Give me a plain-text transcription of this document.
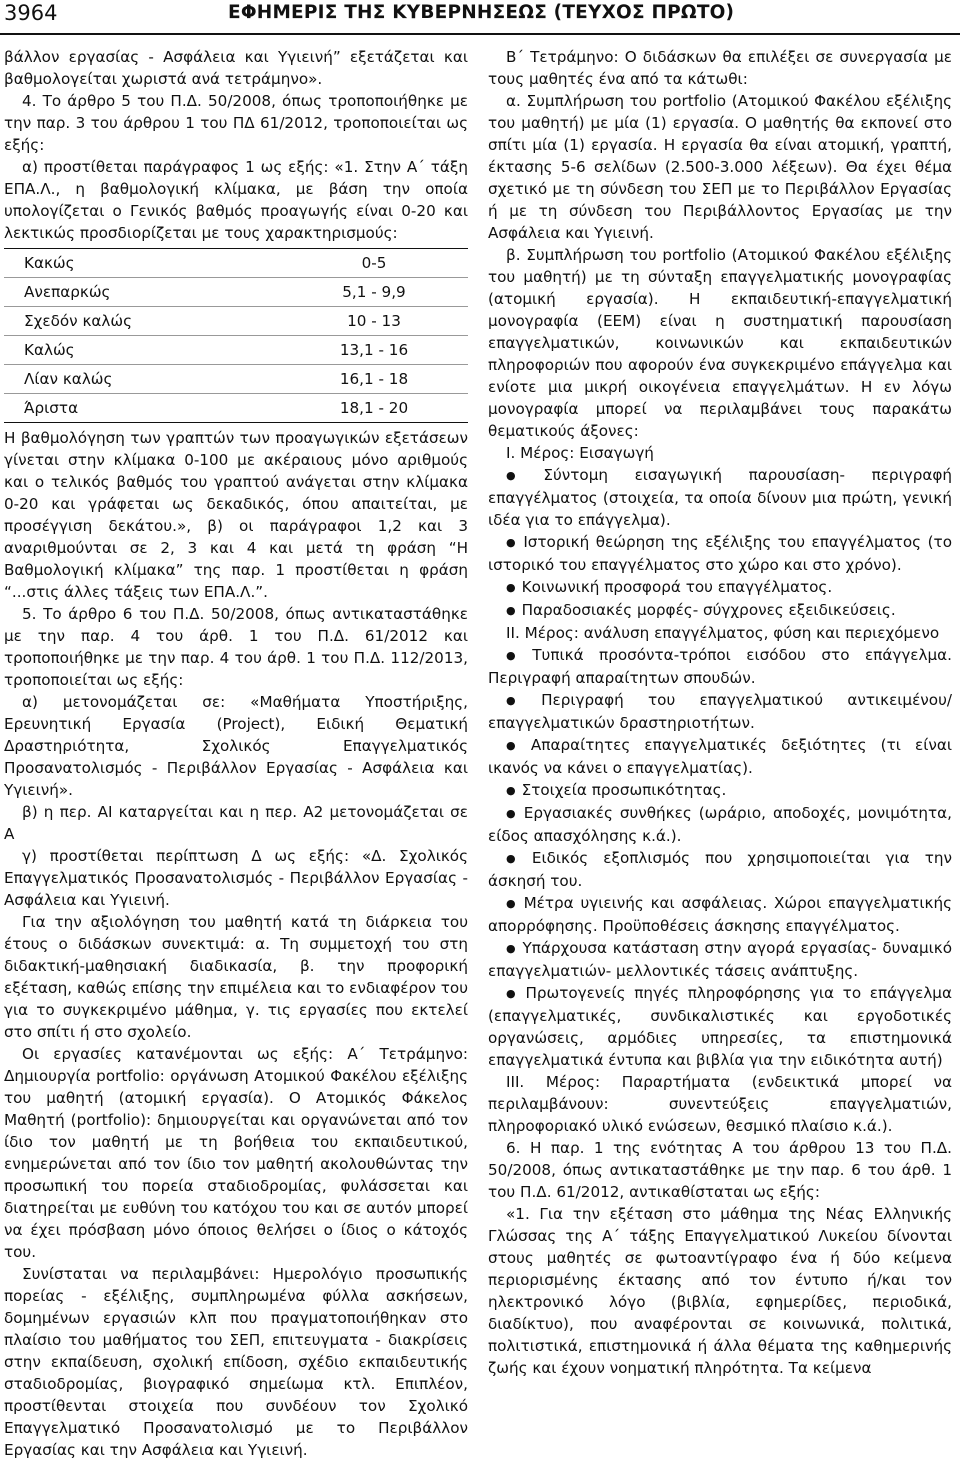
3964	ΕΦΗΜΕΡΙΣ ΤΗΣ ΚΥΒΕΡΝΗΣΕΩΣ (ΤΕΥΧΟΣ ΠΡΩΤΟ)

βάλλον εργασίας - Ασφάλεια και Υγιεινή” εξετάζεται και βαθμολογείται χωριστά ανά τετράμηνο».

4. Το άρθρο 5 του Π.Δ. 50/2008, όπως τροποποιήθηκε με την παρ. 3 του άρθρου 1 του ΠΔ 61/2012, τροποποιείται ως εξής:

α) προστίθεται παράγραφος 1 ως εξής: «1. Στην Α΄ τάξη ΕΠΑ.Λ., η βαθμολογική κλίμακα, με βάση την οποία υπολογίζεται ο Γενικός βαθμός προαγωγής είναι 0-20 και λεκτικώς προσδιορίζεται με τους χαρακτηρισμούς:

Κακώς	0-5
Ανεπαρκώς	5,1 - 9,9
Σχεδόν καλώς	10 - 13
Καλώς	13,1 - 16
Λίαν καλώς	16,1 - 18
Άριστα	18,1 - 20

Η βαθμολόγηση των γραπτών των προαγωγικών εξετάσεων γίνεται στην κλίμακα 0-100 με ακέραιους μόνο αριθμούς και ο τελικός βαθμός του γραπτού ανάγεται στην κλίμακα 0-20 και γράφεται ως δεκαδικός, όπου απαιτείται, με προσέγγιση δεκάτου.», β) οι παράγραφοι 1,2 και 3 αναριθμούνται σε 2, 3 και 4 και μετά τη φράση “Η Βαθμολογική κλίμακα” της παρ. 1 προστίθεται η φράση “...στις άλλες τάξεις των ΕΠΑ.Λ.”.

5. Το άρθρο 6 του Π.Δ. 50/2008, όπως αντικαταστάθηκε με την παρ. 4 του άρθ. 1 του Π.Δ. 61/2012 και τροποποιήθηκε με την παρ. 4 του άρθ. 1 του Π.Δ. 112/2013, τροποποιείται ως εξής:

α) μετονομάζεται σε: «Μαθήματα Υποστήριξης, Ερευνητική Εργασία (Project), Ειδική Θεματική Δραστηριότητα, Σχολικός Επαγγελματικός Προσανατολισμός - Περιβάλλον Εργασίας - Ασφάλεια και Υγιεινή».

β) η περ. ΑΙ καταργείται και η περ. Α2 μετονομάζεται σε Α

γ) προστίθεται περίπτωση Δ ως εξής: «Δ. Σχολικός Επαγγελματικός Προσανατολισμός - Περιβάλλον Εργασίας - Ασφάλεια και Υγιεινή.

Για την αξιολόγηση του μαθητή κατά τη διάρκεια του έτους ο διδάσκων συνεκτιμά: α. Τη συμμετοχή του στη διδακτική-μαθησιακή διαδικασία, β. την προφορική εξέταση, καθώς επίσης την επιμέλεια και το ενδιαφέρον του για το συγκεκριμένο μάθημα, γ. τις εργασίες που εκτελεί στο σπίτι ή στο σχολείο.

Οι εργασίες κατανέμονται ως εξής: Α΄ Τετράμηνο: Δημιουργία portfolio: οργάνωση Ατομικού Φακέλου εξέλιξης του μαθητή (ατομική εργασία). Ο Ατομικός Φάκελος Μαθητή (portfolio): δημιουργείται και οργανώνεται από τον ίδιο τον μαθητή με τη βοήθεια του εκπαιδευτικού, ενημερώνεται από τον ίδιο τον μαθητή ακολουθώντας την προσωπική του πορεία σταδιοδρομίας, φυλάσσεται και διατηρείται με ευθύνη του κατόχου του και σε αυτόν μπορεί να έχει πρόσβαση μόνο όποιος θελήσει ο ίδιος ο κάτοχός του.

Συνίσταται να περιλαμβάνει: Ημερολόγιο προσωπικής πορείας - εξέλιξης, συμπληρωμένα φύλλα ασκήσεων, δομημένων εργασιών κλπ που πραγματοποιήθηκαν στο πλαίσιο του μαθήματος του ΣΕΠ, επιτευγματα - διακρίσεις στην εκπαίδευση, σχολική επίδοση, σχέδιο εκπαιδευτικής σταδιοδρομίας, βιογραφικό σημείωμα κτλ. Επιπλέον, προστίθενται στοιχεία που συνδέουν τον Σχολικό Επαγγελματικό Προσανατολισμό με το Περιβάλλον Εργασίας και την Ασφάλεια και Υγιεινή.

Β΄ Τετράμηνο: Ο διδάσκων θα επιλέξει σε συνεργασία με τους μαθητές ένα από τα κάτωθι:

α. Συμπλήρωση του portfolio (Ατομικού Φακέλου εξέλιξης του μαθητή) με μία (1) εργασία. Ο μαθητής θα εκπονεί στο σπίτι μία (1) εργασία. Η εργασία θα είναι ατομική, γραπτή, έκτασης 5-6 σελίδων (2.500-3.000 λέξεων). Θα έχει θέμα σχετικό με τη σύνδεση του ΣΕΠ με το Περιβάλλον Εργασίας ή με τη σύνδεση του Περιβάλλοντος Εργασίας με την Ασφάλεια και Υγιεινή.

β. Συμπλήρωση του portfolio (Ατομικού Φακέλου εξέλιξης του μαθητή) με τη σύνταξη επαγγελματικής μονογραφίας (ατομική εργασία). Η εκπαιδευτική-επαγγελματική μονογραφία (ΕΕΜ) είναι η συστηματική παρουσίαση επαγγελματικών, κοινωνικών και εκπαιδευτικών πληροφοριών που αφορούν ένα συγκεκριμένο επάγγελμα και ενίοτε μια μικρή οικογένεια επαγγελμάτων. Η εν λόγω μονογραφία μπορεί να περιλαμβάνει τους παρακάτω θεματικούς άξονες:

Ι. Μέρος: Εισαγωγή

● Σύντομη εισαγωγική παρουσίαση- περιγραφή επαγγέλματος (στοιχεία, τα οποία δίνουν μια πρώτη, γενική ιδέα για το επάγγελμα).

● Ιστορική θεώρηση της εξέλιξης του επαγγέλματος (το ιστορικό του επαγγέλματος στο χώρο και στο χρόνο).

● Κοινωνική προσφορά του επαγγέλματος.

● Παραδοσιακές μορφές- σύγχρονες εξειδικεύσεις.

ΙΙ. Μέρος: ανάλυση επαγγέλματος, φύση και περιεχόμενο

● Τυπικά προσόντα-τρόποι εισόδου στο επάγγελμα. Περιγραφή απαραίτητων σπουδών.

● Περιγραφή του επαγγελματικού αντικειμένου/ επαγγελματικών δραστηριοτήτων.

● Απαραίτητες επαγγελματικές δεξιότητες (τι είναι ικανός να κάνει ο επαγγελματίας).

● Στοιχεία προσωπικότητας.

● Εργασιακές συνθήκες (ωράριο, αποδοχές, μονιμότητα, είδος απασχόλησης κ.ά.).

● Ειδικός εξοπλισμός που χρησιμοποιείται για την άσκησή του.

● Μέτρα υγιεινής και ασφάλειας. Χώροι επαγγελματικής απορρόφησης. Προϋποθέσεις άσκησης επαγγέλματος.

● Υπάρχουσα κατάσταση στην αγορά εργασίας- δυναμικό επαγγελματιών- μελλοντικές τάσεις ανάπτυξης.

● Πρωτογενείς πηγές πληροφόρησης για το επάγγελμα (επαγγελματικές, συνδικαλιστικές και εργοδοτικές οργανώσεις, αρμόδιες υπηρεσίες, τα επιστημονικά επαγγελματικά έντυπα και βιβλία για την ειδικότητα αυτή)

ΙΙΙ. Μέρος: Παραρτήματα (ενδεικτικά μπορεί να περιλαμβάνουν: συνεντεύξεις επαγγελματιών, πληροφοριακό υλικό ενώσεων, θεσμικό πλαίσιο κ.ά.).

6. Η παρ. 1 της ενότητας Α του άρθρου 13 του Π.Δ. 50/2008, όπως αντικαταστάθηκε με την παρ. 6 του άρθ. 1 του Π.Δ. 61/2012, αντικαθίσταται ως εξής:

«1. Για την εξέταση στο μάθημα της Νέας Ελληνικής Γλώσσας της Α΄ τάξης Επαγγελματικού Λυκείου δίνονται στους μαθητές σε φωτοαντίγραφο ένα ή δύο κείμενα περιορισμένης έκτασης από τον έντυπο ή/και τον ηλεκτρονικό λόγο (βιβλία, εφημερίδες, περιοδικά, διαδίκτυο), που αναφέρονται σε κοινωνικά, πολιτικά, πολιτιστικά, επιστημονικά ή άλλα θέματα της καθημερινής ζωής και έχουν νοηματική πληρότητα. Τα κείμενα
